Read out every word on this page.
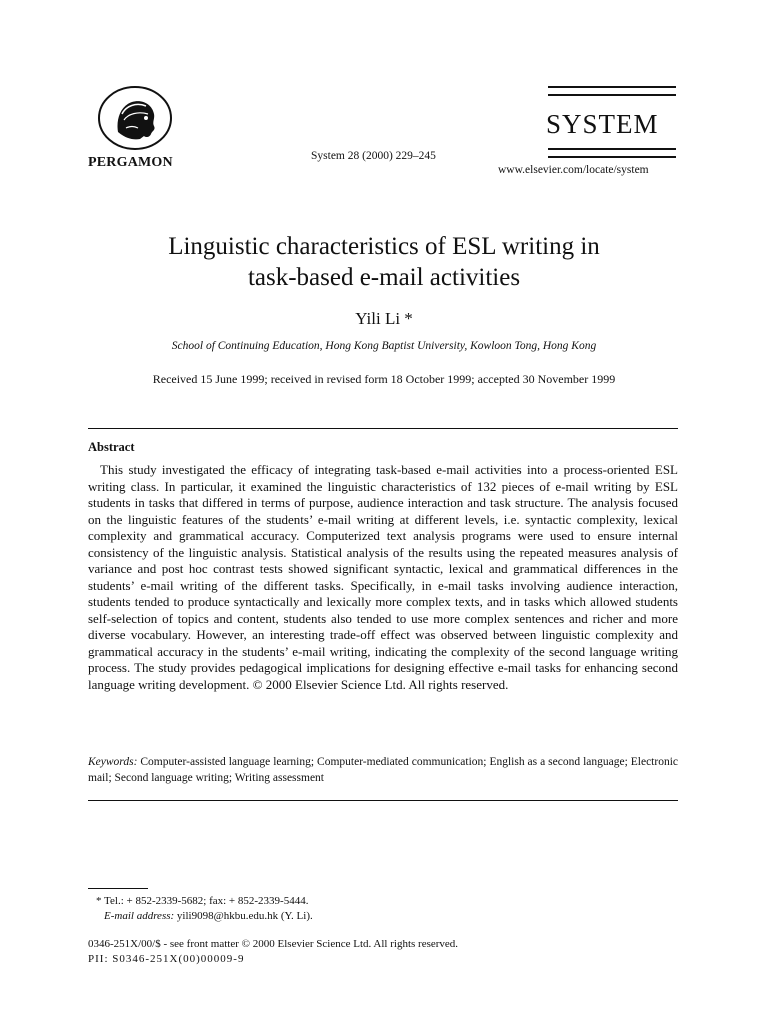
PERGAMON	System 28 (2000) 229–245
SYSTEM
www.elsevier.com/locate/system
Linguistic characteristics of ESL writing in
task-based e-mail activities
Yili Li *
School of Continuing Education, Hong Kong Baptist University, Kowloon Tong, Hong Kong
Received 15 June 1999; received in revised form 18 October 1999; accepted 30 November 1999
Abstract
This study investigated the efficacy of integrating task-based e-mail activities into a process-oriented ESL writing class. In particular, it examined the linguistic characteristics of 132 pieces of e-mail writing by ESL students in tasks that differed in terms of purpose, audience interaction and task structure. The analysis focused on the linguistic features of the students’ e-mail writing at different levels, i.e. syntactic complexity, lexical complexity and grammatical accuracy. Computerized text analysis programs were used to ensure internal consistency of the linguistic analysis. Statistical analysis of the results using the repeated measures analysis of variance and post hoc contrast tests showed significant syntactic, lexical and grammatical differences in the students’ e-mail writing of the different tasks. Specifically, in e-mail tasks involving audience interaction, students tended to produce syntactically and lexically more complex texts, and in tasks which allowed students self-selection of topics and content, students also tended to use more complex sentences and richer and more diverse vocabulary. However, an interesting trade-off effect was observed between linguistic complexity and grammatical accuracy in the students’ e-mail writing, indicating the complexity of the second language writing process. The study provides pedagogical implications for designing effective e-mail tasks for enhancing second language writing development. © 2000 Elsevier Science Ltd. All rights reserved.
Keywords: Computer-assisted language learning; Computer-mediated communication; English as a second language; Electronic mail; Second language writing; Writing assessment
* Tel.: + 852-2339-5682; fax: + 852-2339-5444.
E-mail address: yili9098@hkbu.edu.hk (Y. Li).
0346-251X/00/$ - see front matter © 2000 Elsevier Science Ltd. All rights reserved.
PII: S0346-251X(00)00009-9
